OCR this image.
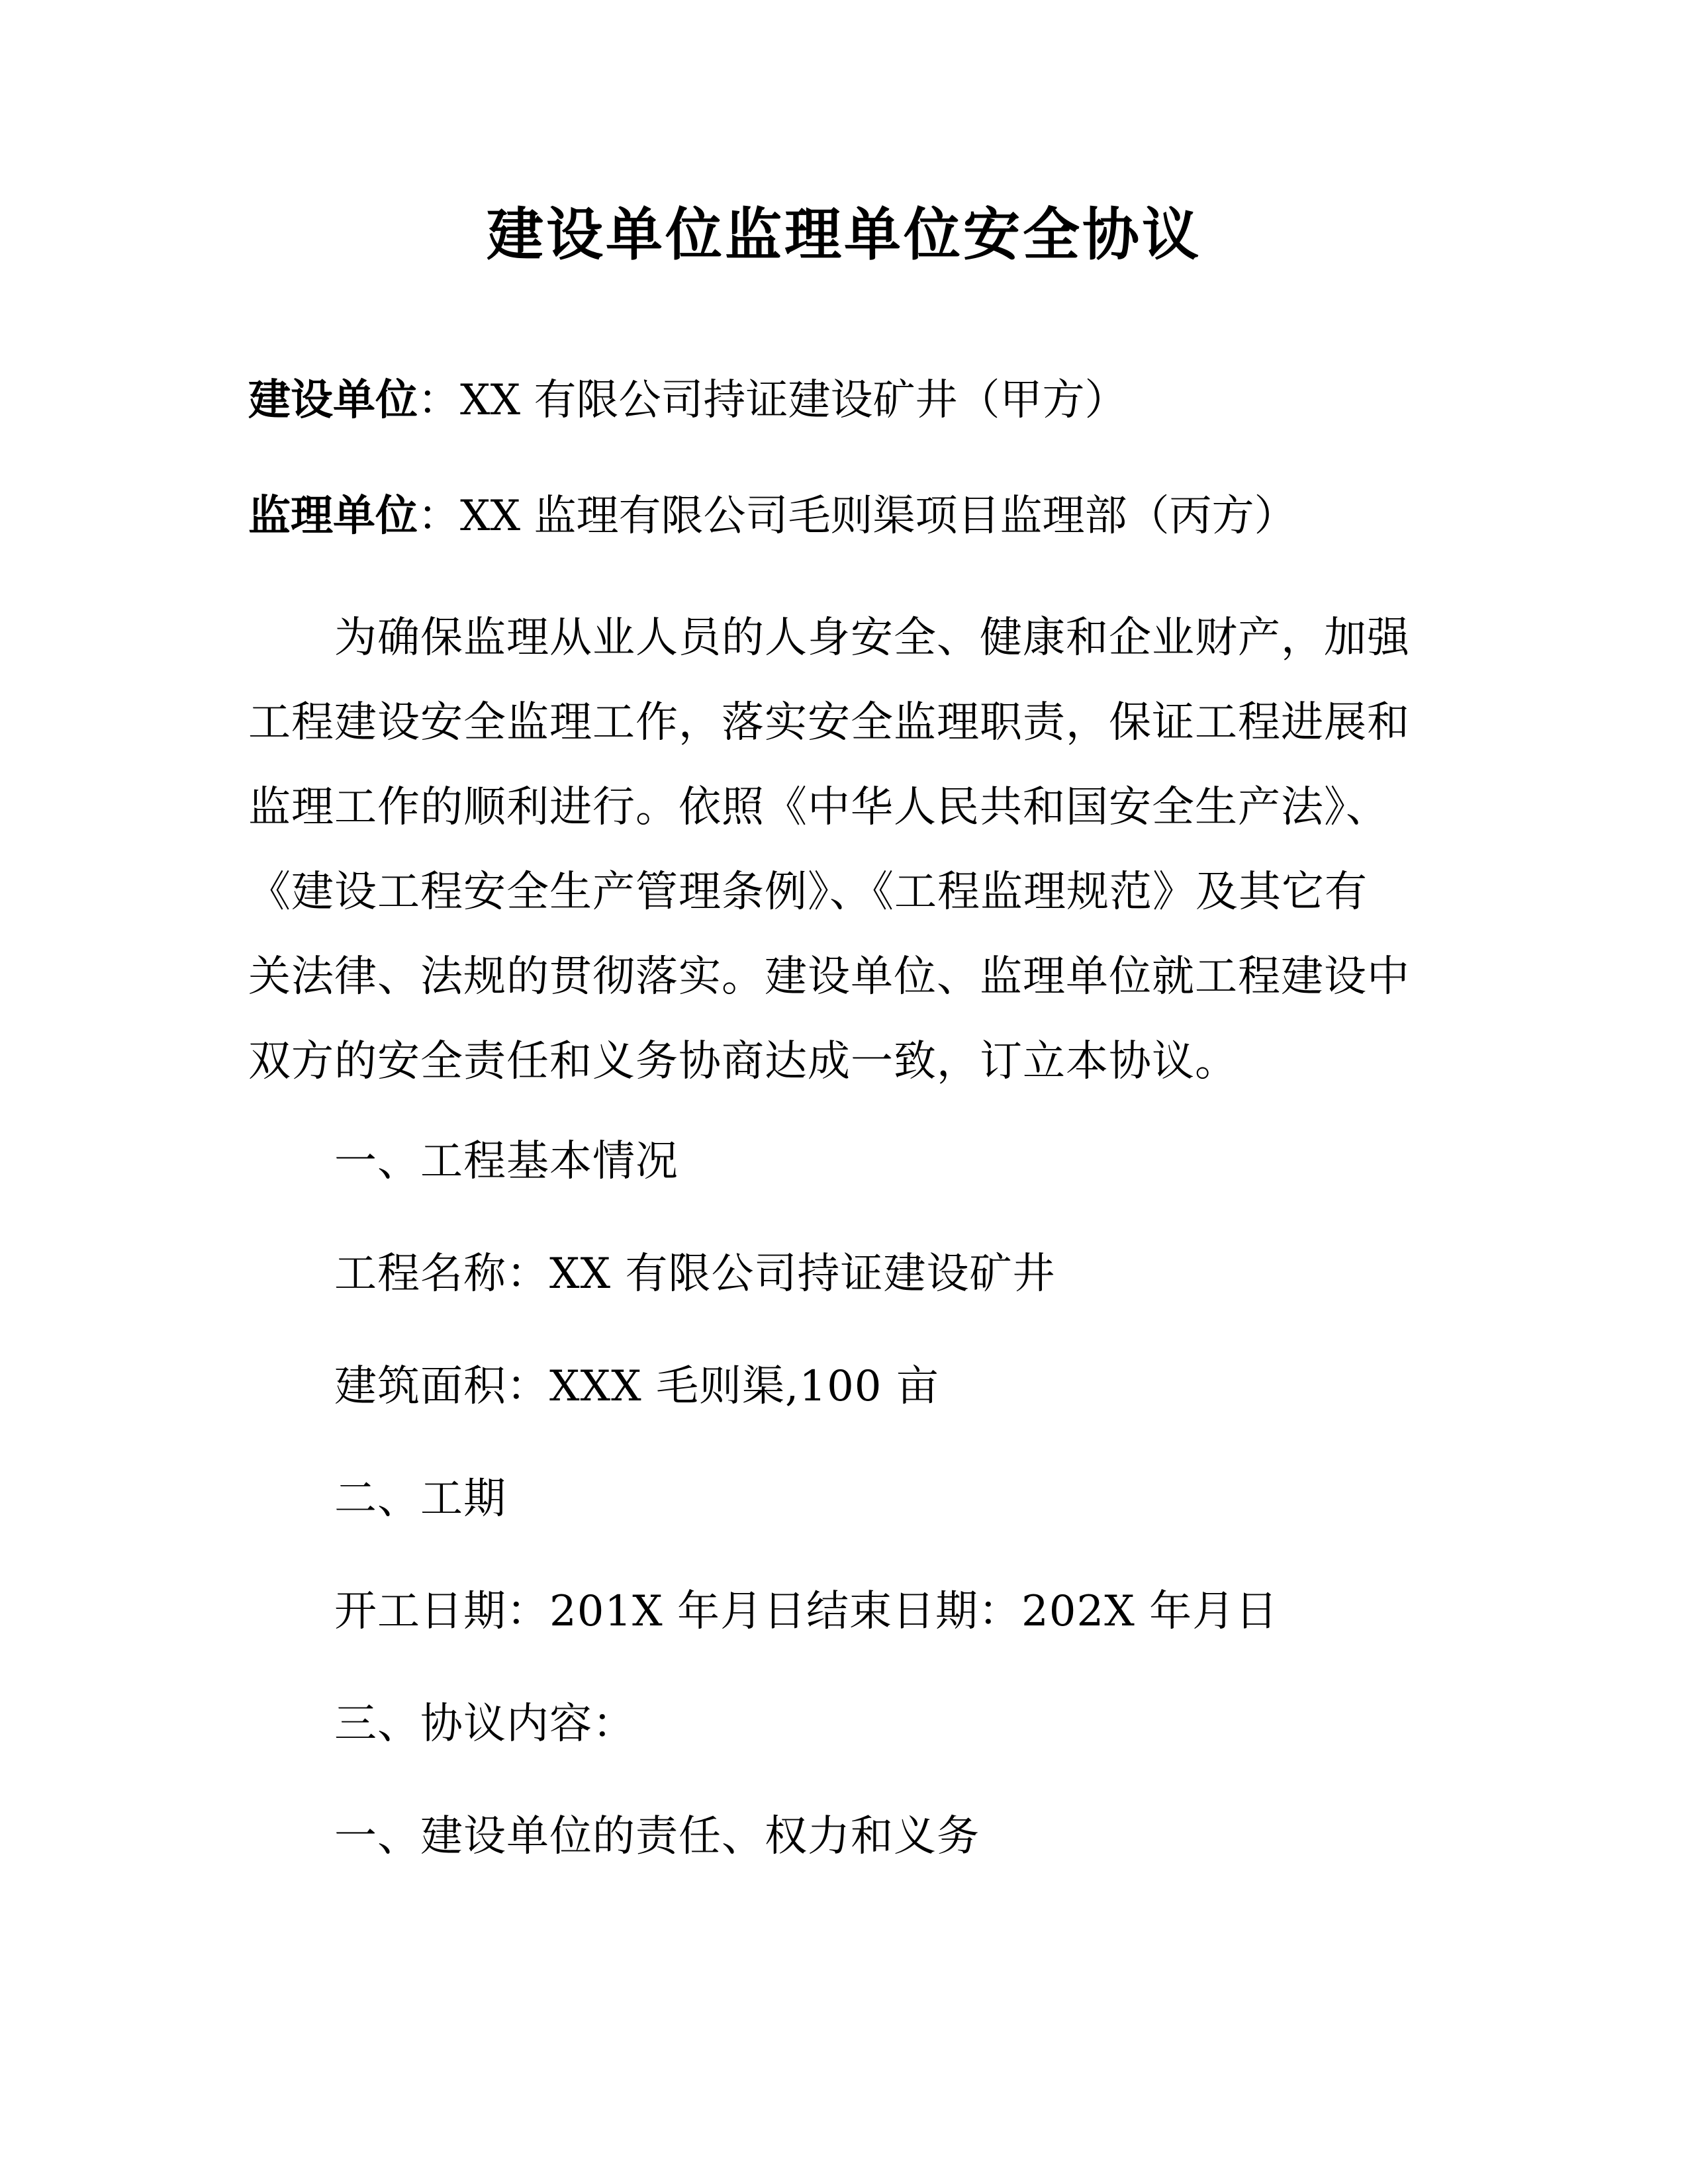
建设单位监理单位安全协议
建设单位：XX 有限公司持证建设矿井（甲方）
监理单位：XX 监理有限公司毛则渠项目监理部（丙方）
为确保监理从业人员的人身安全、健康和企业财产，加强
工程建设安全监理工作，落实安全监理职责，保证工程进展和
监理工作的顺利进行。依照《中华人民共和国安全生产法》、
《建设工程安全生产管理条例》、《工程监理规范》及其它有
关法律、法规的贯彻落实。建设单位、监理单位就工程建设中
双方的安全责任和义务协商达成一致，订立本协议。
一、工程基本情况
工程名称：XX 有限公司持证建设矿井
建筑面积：XXX 毛则渠,100 亩
二、工期
开工日期：201X 年月日结束日期：202X 年月日
三、协议内容：
一、建设单位的责任、权力和义务
